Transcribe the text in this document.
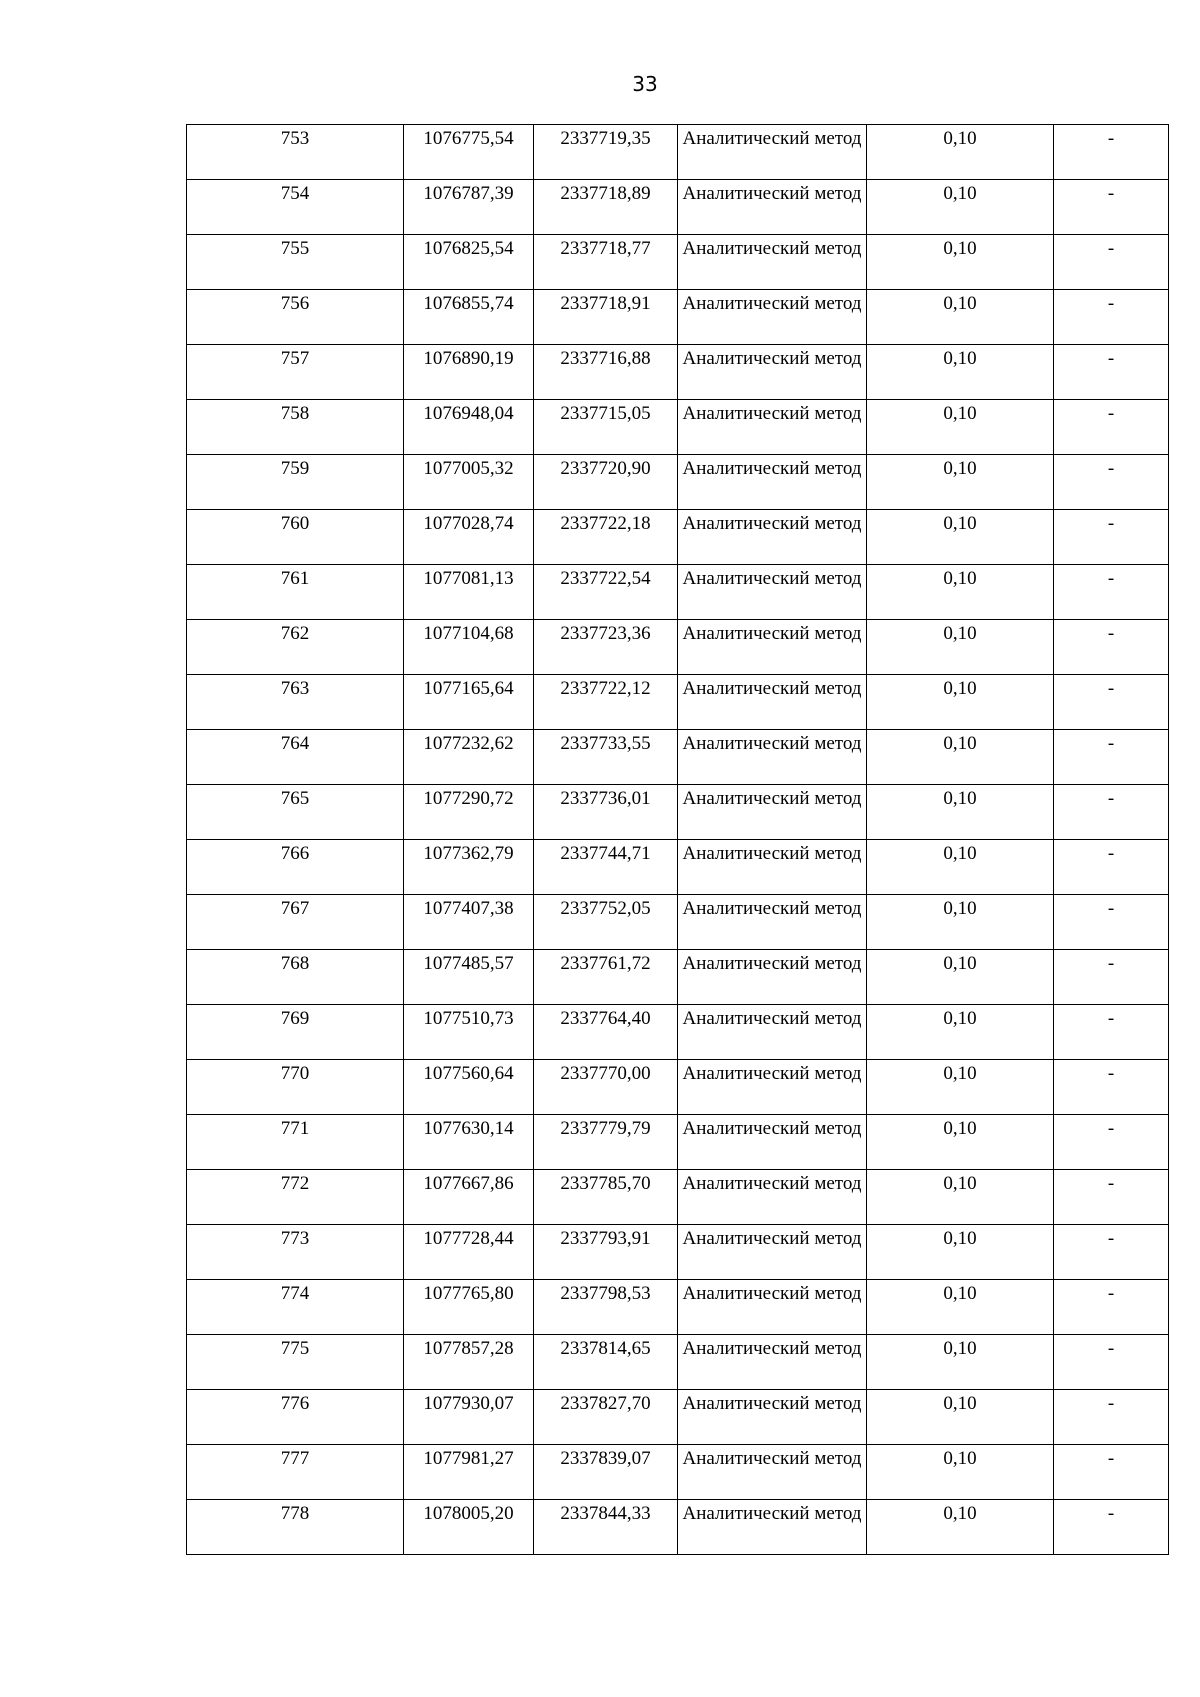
33
753	1076775,54	2337719,35	Аналитический метод	0,10	-
754	1076787,39	2337718,89	Аналитический метод	0,10	-
755	1076825,54	2337718,77	Аналитический метод	0,10	-
756	1076855,74	2337718,91	Аналитический метод	0,10	-
757	1076890,19	2337716,88	Аналитический метод	0,10	-
758	1076948,04	2337715,05	Аналитический метод	0,10	-
759	1077005,32	2337720,90	Аналитический метод	0,10	-
760	1077028,74	2337722,18	Аналитический метод	0,10	-
761	1077081,13	2337722,54	Аналитический метод	0,10	-
762	1077104,68	2337723,36	Аналитический метод	0,10	-
763	1077165,64	2337722,12	Аналитический метод	0,10	-
764	1077232,62	2337733,55	Аналитический метод	0,10	-
765	1077290,72	2337736,01	Аналитический метод	0,10	-
766	1077362,79	2337744,71	Аналитический метод	0,10	-
767	1077407,38	2337752,05	Аналитический метод	0,10	-
768	1077485,57	2337761,72	Аналитический метод	0,10	-
769	1077510,73	2337764,40	Аналитический метод	0,10	-
770	1077560,64	2337770,00	Аналитический метод	0,10	-
771	1077630,14	2337779,79	Аналитический метод	0,10	-
772	1077667,86	2337785,70	Аналитический метод	0,10	-
773	1077728,44	2337793,91	Аналитический метод	0,10	-
774	1077765,80	2337798,53	Аналитический метод	0,10	-
775	1077857,28	2337814,65	Аналитический метод	0,10	-
776	1077930,07	2337827,70	Аналитический метод	0,10	-
777	1077981,27	2337839,07	Аналитический метод	0,10	-
778	1078005,20	2337844,33	Аналитический метод	0,10	-
